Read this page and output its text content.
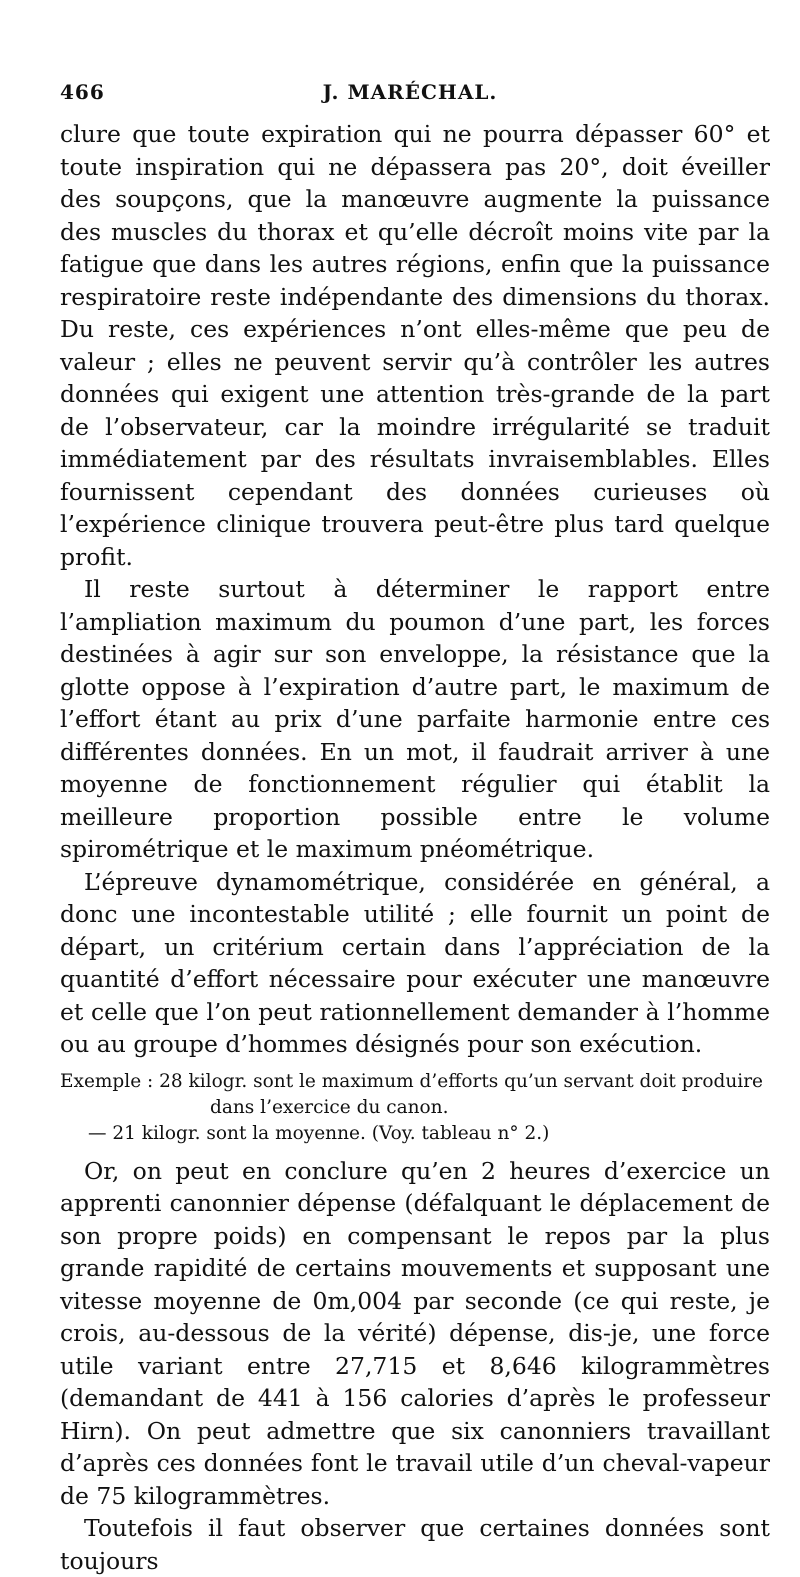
466	J. MARÉCHAL.

clure que toute expiration qui ne pourra dépasser 60° et toute inspiration qui ne dépassera pas 20°, doit éveiller des soupçons, que la manœuvre augmente la puissance des muscles du thorax et qu’elle décroît moins vite par la fatigue que dans les autres régions, enfin que la puissance respiratoire reste indépendante des dimensions du thorax. Du reste, ces expériences n’ont elles-même que peu de valeur ; elles ne peuvent servir qu’à contrôler les autres données qui exigent une attention très-grande de la part de l’observateur, car la moindre irrégularité se traduit immédiatement par des résultats invraisemblables. Elles fournissent cependant des données curieuses où l’expérience clinique trouvera peut-être plus tard quelque profit.

Il reste surtout à déterminer le rapport entre l’ampliation maximum du poumon d’une part, les forces destinées à agir sur son enveloppe, la résistance que la glotte oppose à l’expiration d’autre part, le maximum de l’effort étant au prix d’une parfaite harmonie entre ces différentes données. En un mot, il faudrait arriver à une moyenne de fonctionnement régulier qui établit la meilleure proportion possible entre le volume spirométrique et le maximum pnéométrique.

L’épreuve dynamométrique, considérée en général, a donc une incontestable utilité ; elle fournit un point de départ, un critérium certain dans l’appréciation de la quantité d’effort nécessaire pour exécuter une manœuvre et celle que l’on peut rationnellement demander à l’homme ou au groupe d’hommes désignés pour son exécution.

Exemple : 28 kilogr. sont le maximum d’efforts qu’un servant doit produire
dans l’exercice du canon.
— 21 kilogr. sont la moyenne. (Voy. tableau n° 2.)

Or, on peut en conclure qu’en 2 heures d’exercice un apprenti canonnier dépense (défalquant le déplacement de son propre poids) en compensant le repos par la plus grande rapidité de certains mouvements et supposant une vitesse moyenne de 0m,004 par seconde (ce qui reste, je crois, au-dessous de la vérité) dépense, dis-je, une force utile variant entre 27,715 et 8,646 kilogrammètres (demandant de 441 à 156 calories d’après le professeur Hirn). On peut admettre que six canonniers travaillant d’après ces données font le travail utile d’un cheval-vapeur de 75 kilogrammètres.

Toutefois il faut observer que certaines données sont toujours
